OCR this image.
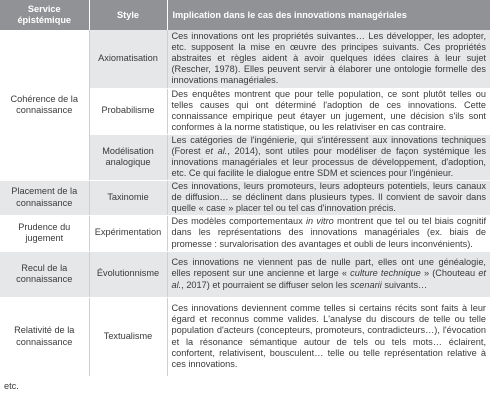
Service épistémique	Style	Implication dans le cas des innovations managériales
Cohérence de la connaissance	Axiomatisation	Ces innovations ont les propriétés suivantes… Les développer, les adopter, etc. supposent la mise en œuvre des principes suivants. Ces propriétés abstraites et règles aident à avoir quelques idées claires à leur sujet (Rescher, 1978). Elles peuvent servir à élaborer une ontologie formelle des innovations managériales.
	Probabilisme	Des enquêtes montrent que pour telle population, ce sont plutôt telles ou telles causes qui ont déterminé l'adoption de ces innovations. Cette connaissance empirique peut étayer un jugement, une décision s'ils sont conformes à la norme statistique, ou les relativiser en cas contraire.
	Modélisation analogique	Les catégories de l'ingénierie, qui s'intéressent aux innovations techniques (Forest et al., 2014), sont utiles pour modéliser de façon systémique les innovations managériales et leur processus de développement, d'adoption, etc. Ce qui facilite le dialogue entre SDM et sciences pour l'ingénieur.
Placement de la connaissance	Taxinomie	Ces innovations, leurs promoteurs, leurs adopteurs potentiels, leurs canaux de diffusion… se déclinent dans plusieurs types. Il convient de savoir dans quelle « case » placer tel ou tel cas d'innovation précis.
Prudence du jugement	Expérimentation	Des modèles comportementaux in vitro montrent que tel ou tel biais cognitif dans les représentations des innovations managériales (ex. biais de promesse : survalorisation des avantages et oubli de leurs inconvénients).
Recul de la connaissance	Évolutionnisme	Ces innovations ne viennent pas de nulle part, elles ont une généalogie, elles reposent sur une ancienne et large « culture technique » (Chouteau et al., 2017) et pourraient se diffuser selon les scenarii suivants…
Relativité de la connaissance	Textualisme	Ces innovations deviennent comme telles si certains récits sont faits à leur égard et reconnus comme valides. L'analyse du discours de telle ou telle population d'acteurs (concepteurs, promoteurs, contradicteurs…), l'évocation et la résonance sémantique autour de tels ou tels mots… éclairent, confortent, relativisent, bousculent… telle ou telle représentation relative à ces innovations.
etc.
